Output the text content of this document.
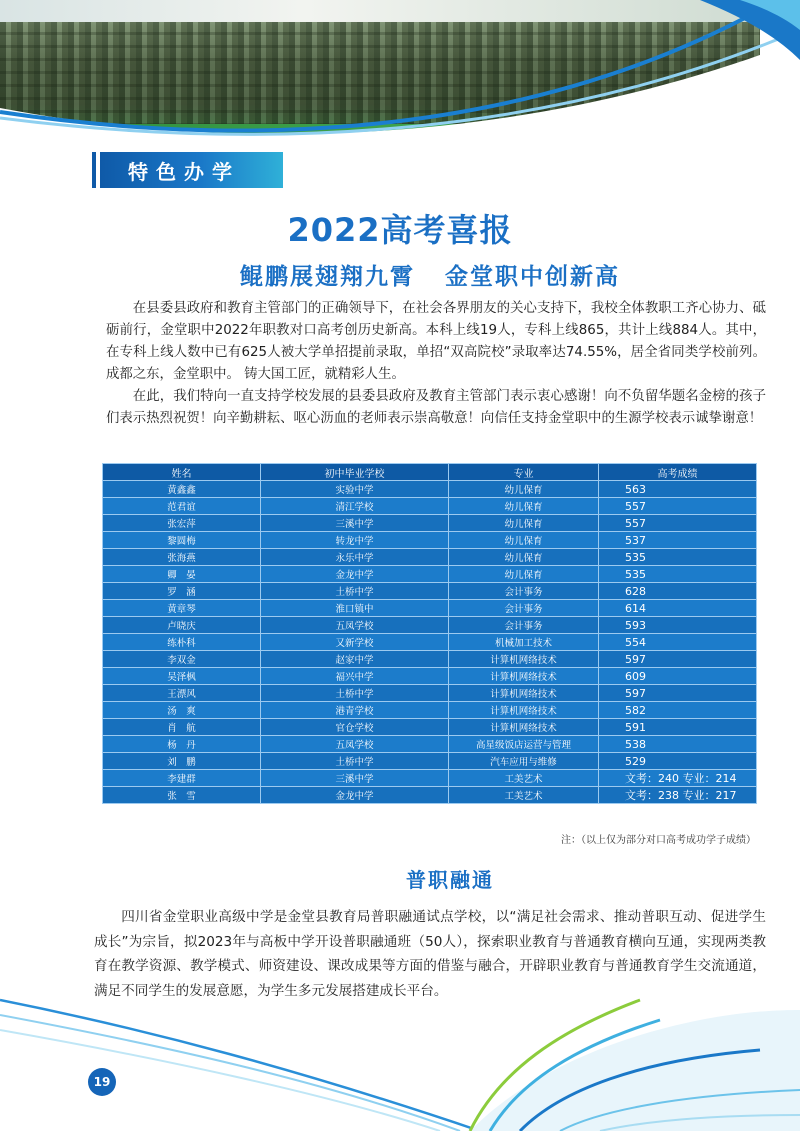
特色办学
2022高考喜报
鲲鹏展翅翔九霄 金堂职中创新高
在县委县政府和教育主管部门的正确领导下，在社会各界朋友的关心支持下，我校全体教职工齐心协力、砥砺前行，金堂职中2022年职教对口高考创历史新高。本科上线19人，专科上线865，共计上线884人。其中，在专科上线人数中已有625人被大学单招提前录取，单招“双高院校”录取率达74.55%，居全省同类学校前列。成都之东，金堂职中。 铸大国工匠，就精彩人生。
在此，我们特向一直支持学校发展的县委县政府及教育主管部门表示衷心感谢！向不负留华题名金榜的孩子们表示热烈祝贺！向辛勤耕耘、呕心沥血的老师表示崇高敬意！向信任支持金堂职中的生源学校表示诚挚谢意！
姓名	初中毕业学校	专业	高考成绩
黄鑫鑫	实验中学	幼儿保育	563
范君谊	清江学校	幼儿保育	557
张宏萍	三溪中学	幼儿保育	557
黎圆梅	转龙中学	幼儿保育	537
张海燕	永乐中学	幼儿保育	535
卿　晏	金龙中学	幼儿保育	535
罗　涵	土桥中学	会计事务	628
黄章琴	淮口镇中	会计事务	614
卢晓庆	五凤学校	会计事务	593
练朴科	又新学校	机械加工技术	554
李双金	赵家中学	计算机网络技术	597
吴泽枫	福兴中学	计算机网络技术	609
王漂风	土桥中学	计算机网络技术	597
汤　爽	港青学校	计算机网络技术	582
肖　航	官仓学校	计算机网络技术	591
杨　丹	五凤学校	高星级饭店运营与管理	538
刘　鹏	土桥中学	汽车应用与维修	529
李建群	三溪中学	工美艺术	文考：240 专业：214
张　雪	金龙中学	工美艺术	文考：238 专业：217
注：（以上仅为部分对口高考成功学子成绩）
普职融通
四川省金堂职业高级中学是金堂县教育局普职融通试点学校，以“满足社会需求、推动普职互动、促进学生成长”为宗旨，拟2023年与高板中学开设普职融通班（50人），探索职业教育与普通教育横向互通，实现两类教育在教学资源、教学模式、师资建设、课改成果等方面的借鉴与融合，开辟职业教育与普通教育学生交流通道，满足不同学生的发展意愿，为学生多元发展搭建成长平台。
19
